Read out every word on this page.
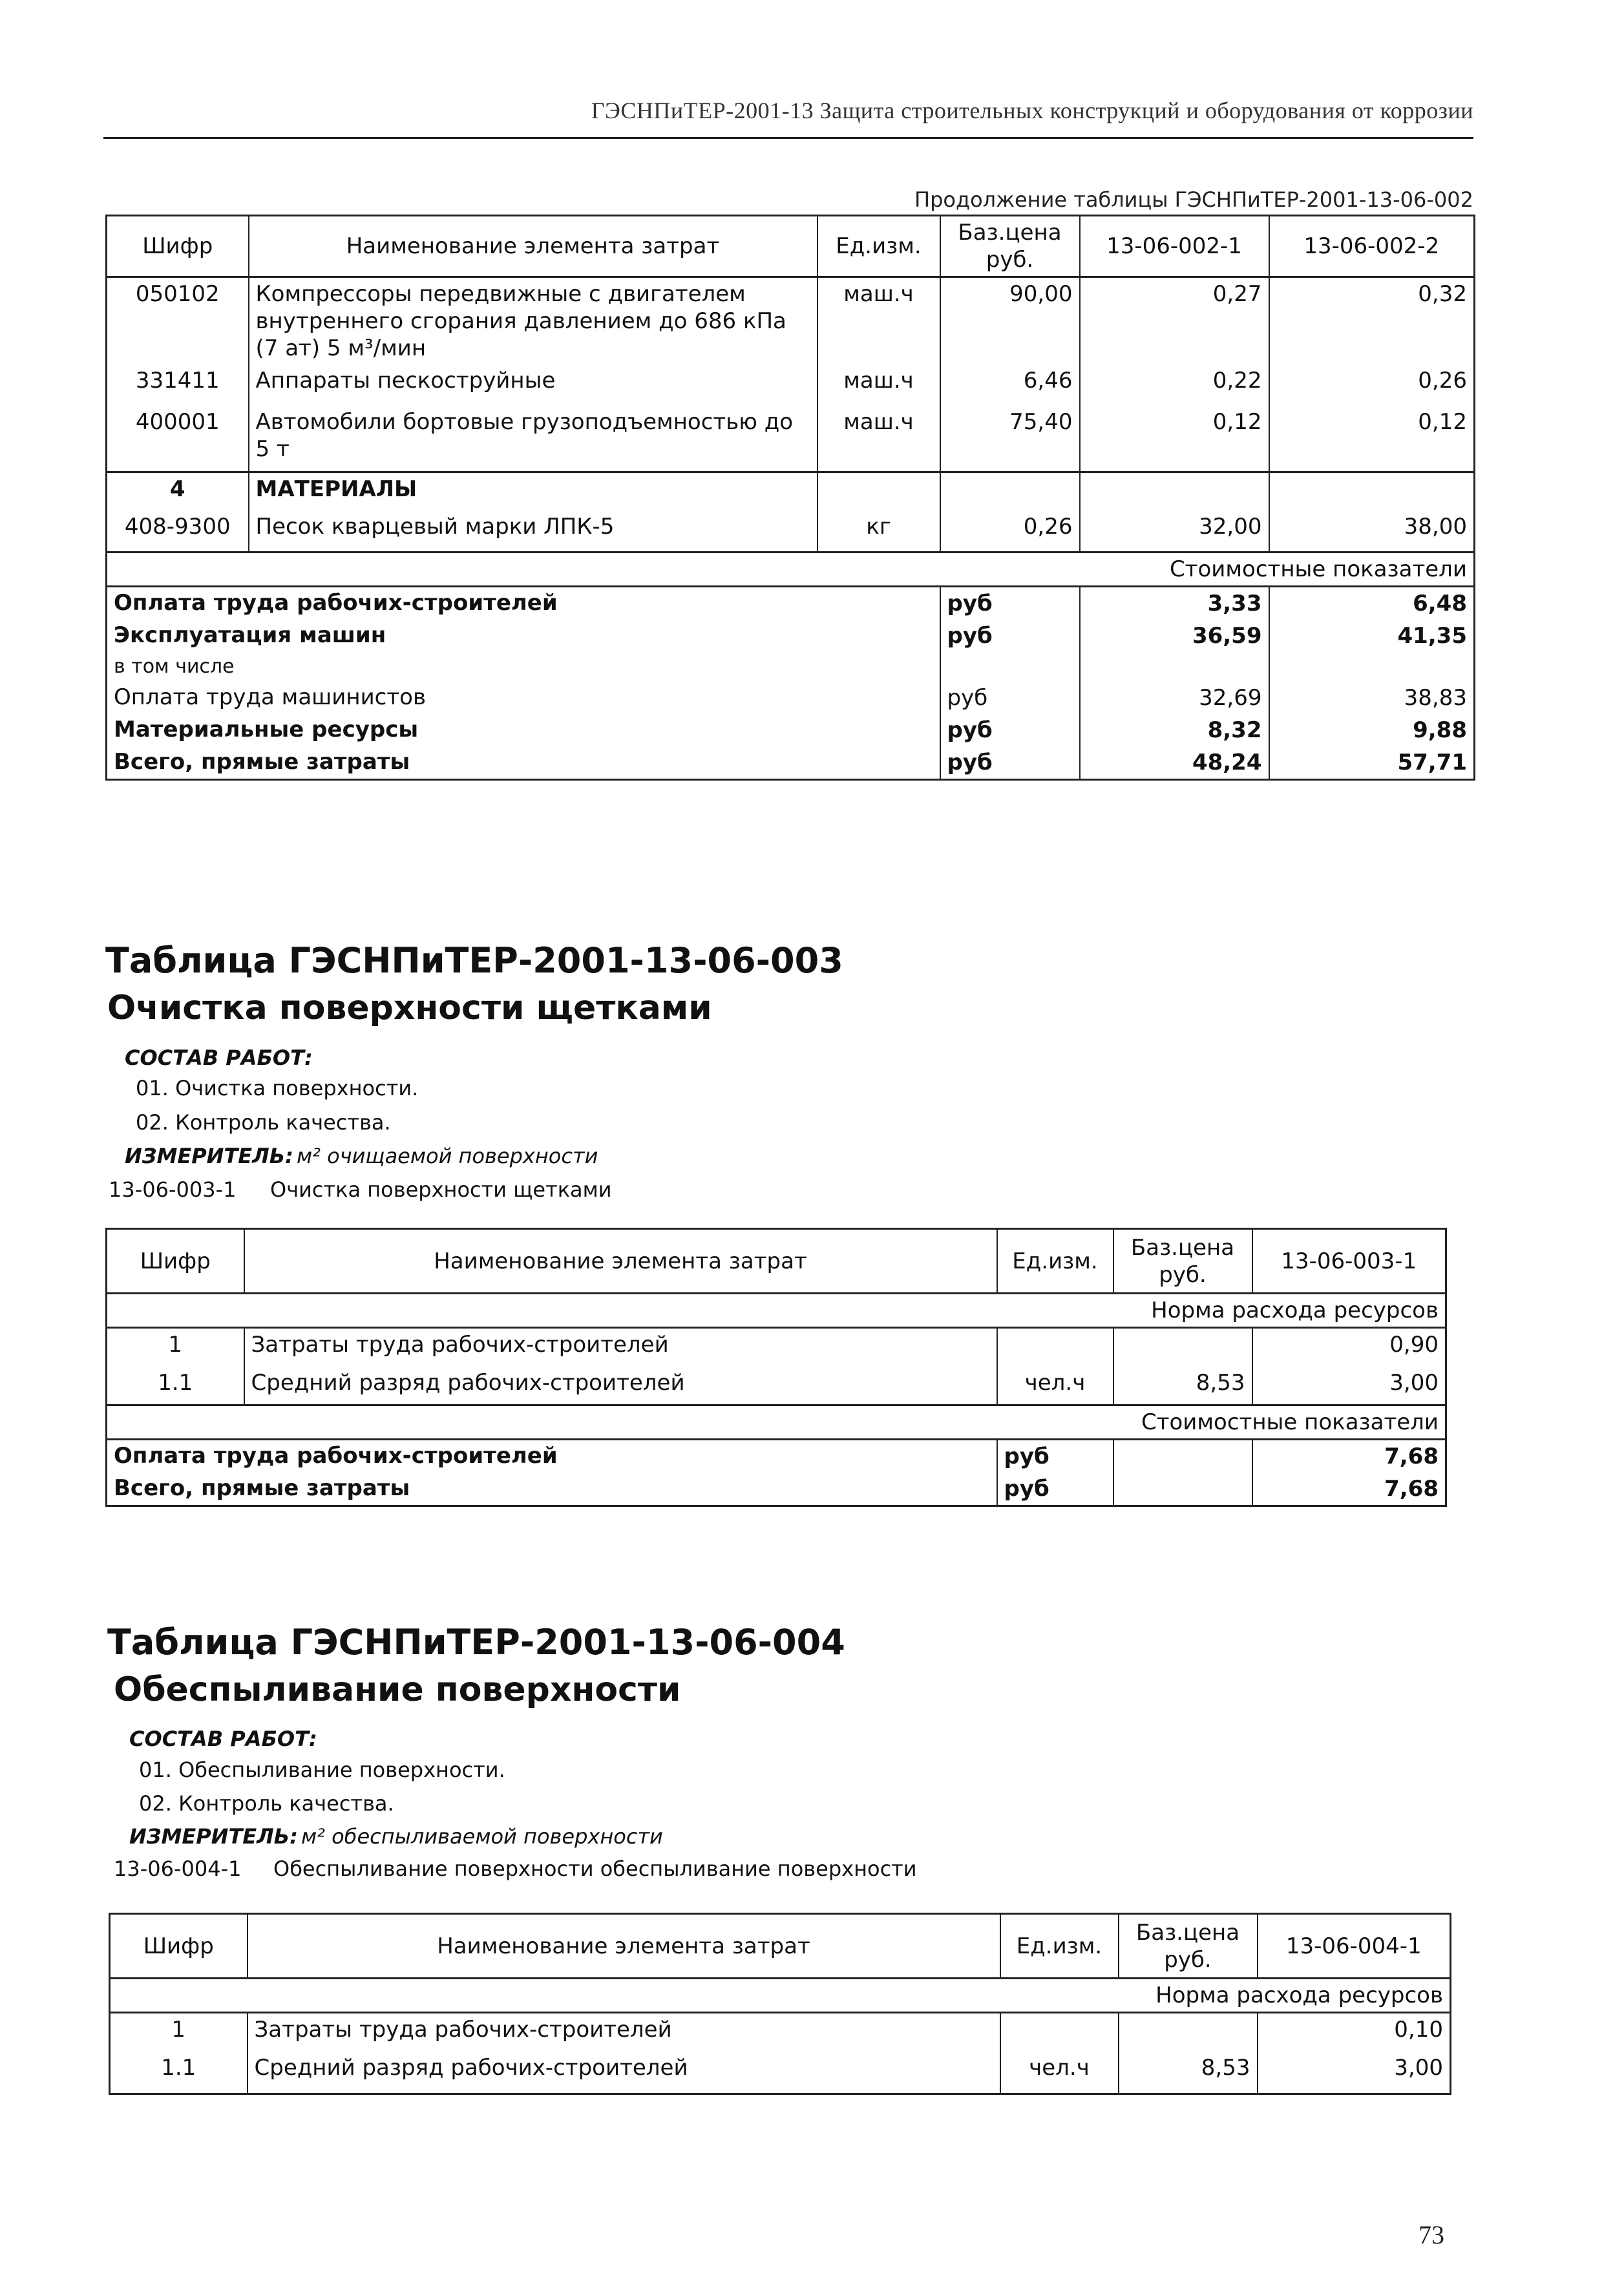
ГЭСНПиТЕР-2001-13 Защита строительных конструкций и оборудования от коррозии
Продолжение таблицы ГЭСНПиТЕР-2001-13-06-002
Шифр	Наименование элемента затрат	Ед.изм.	Баз.цена руб.	13-06-002-1	13-06-002-2
050102	Компрессоры передвижные с двигателем внутреннего сгорания давлением до 686 кПа (7 ат) 5 м³/мин	маш.ч	90,00	0,27	0,32
331411	Аппараты пескоструйные	маш.ч	6,46	0,22	0,26
400001	Автомобили бортовые грузоподъемностью до 5 т	маш.ч	75,40	0,12	0,12
4	МАТЕРИАЛЫ				
408-9300	Песок кварцевый марки ЛПК-5	кг	0,26	32,00	38,00
Стоимостные показатели					
Оплата труда рабочих-строителей			руб	3,33	6,48
Эксплуатация машин			руб	36,59	41,35
в том числе					
Оплата труда машинистов			руб	32,69	38,83
Материальные ресурсы			руб	8,32	9,88
Всего, прямые затраты			руб	48,24	57,71
Таблица ГЭСНПиТЕР-2001-13-06-003
Очистка поверхности щетками
СОСТАВ РАБОТ:
01. Очистка поверхности.
02. Контроль качества.
ИЗМЕРИТЕЛЬ: м² очищаемой поверхности
13-06-003-1 Очистка поверхности щетками
Шифр	Наименование элемента затрат	Ед.изм.	Баз.цена руб.	13-06-003-1
Норма расхода ресурсов				
1	Затраты труда рабочих-строителей			0,90
1.1	Средний разряд рабочих-строителей	чел.ч	8,53	3,00
Стоимостные показатели				
Оплата труда рабочих-строителей		руб		7,68
Всего, прямые затраты		руб		7,68
Таблица ГЭСНПиТЕР-2001-13-06-004
Обеспыливание поверхности
СОСТАВ РАБОТ:
01. Обеспыливание поверхности.
02. Контроль качества.
ИЗМЕРИТЕЛЬ: м² обеспыливаемой поверхности
13-06-004-1 Обеспыливание поверхности обеспыливание поверхности
Шифр	Наименование элемента затрат	Ед.изм.	Баз.цена руб.	13-06-004-1
Норма расхода ресурсов				
1	Затраты труда рабочих-строителей			0,10
1.1	Средний разряд рабочих-строителей	чел.ч	8,53	3,00
73
